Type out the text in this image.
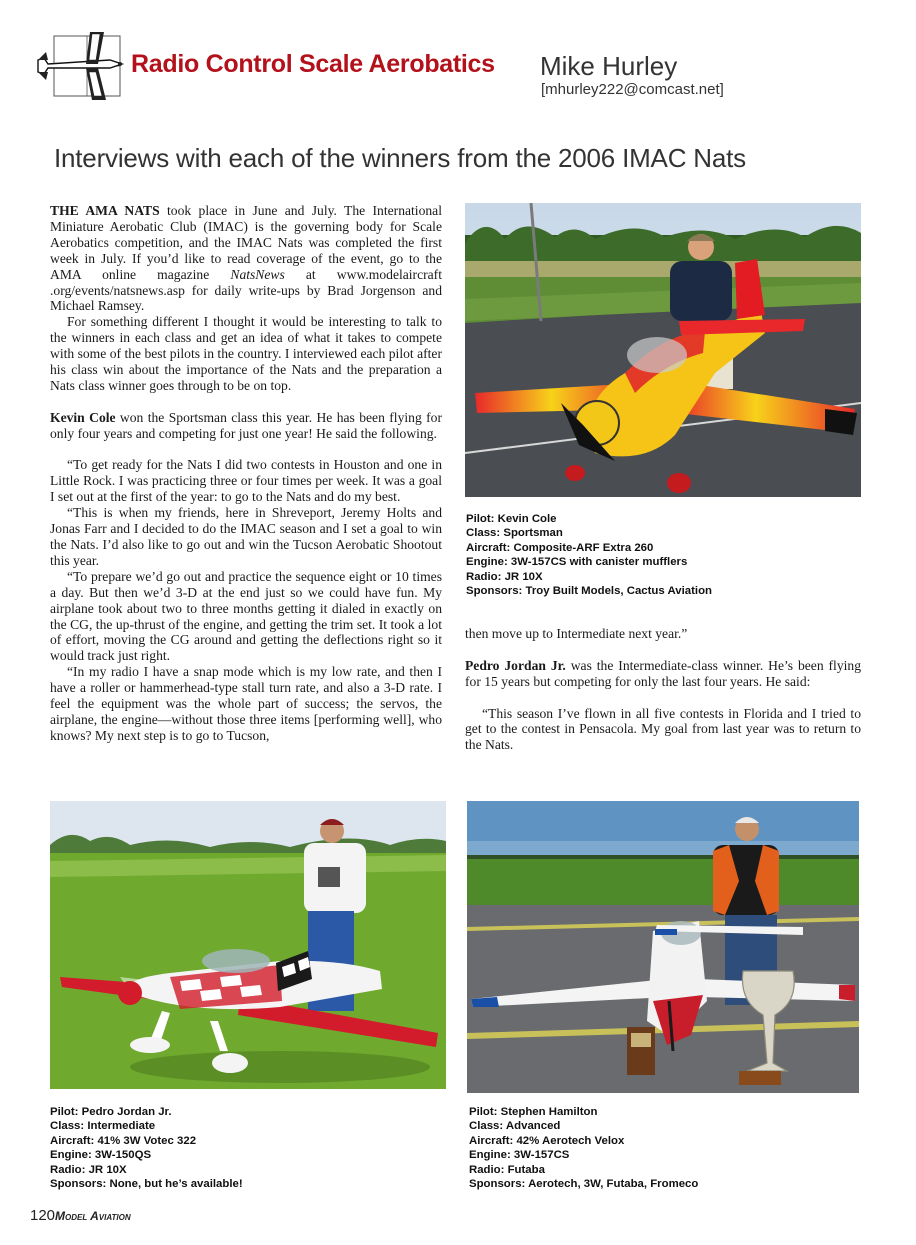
Radio Control Scale Aerobatics Mike Hurley
[mhurley222@comcast.net]
Interviews with each of the winners from the 2006 IMAC Nats

THE AMA NATS took place in June and July. The International Miniature Aerobatic Club (IMAC) is the governing body for Scale Aerobatics competition, and the IMAC Nats was completed the first week in July. If you’d like to read coverage of the event, go to the AMA online magazine NatsNews at www.modelaircraft .org/events/natsnews.asp for daily write-ups by Brad Jorgenson and Michael Ramsey.

For something different I thought it would be interesting to talk to the winners in each class and get an idea of what it takes to compete with some of the best pilots in the country. I interviewed each pilot after his class win about the importance of the Nats and the preparation a Nats class winner goes through to be on top.

Kevin Cole won the Sportsman class this year. He has been flying for only four years and competing for just one year! He said the following.

“To get ready for the Nats I did two contests in Houston and one in Little Rock. I was practicing three or four times per week. It was a goal I set out at the first of the year: to go to the Nats and do my best.

“This is when my friends, here in Shreveport, Jeremy Holts and Jonas Farr and I decided to do the IMAC season and I set a goal to win the Nats. I’d also like to go out and win the Tucson Aerobatic Shootout this year.

“To prepare we’d go out and practice the sequence eight or 10 times a day. But then we’d 3-D at the end just so we could have fun. My airplane took about two to three months getting it dialed in exactly on the CG, the up-thrust of the engine, and getting the trim set. It took a lot of effort, moving the CG around and getting the deflections right so it would track just right.

“In my radio I have a snap mode which is my low rate, and then I have a roller or hammerhead-type stall turn rate, and also a 3-D rate. I feel the equipment was the whole part of success; the servos, the airplane, the engine—without those three items [performing well], who knows? My next step is to go to Tucson,

Pilot: Kevin Cole
Class: Sportsman
Aircraft: Composite-ARF Extra 260
Engine: 3W-157CS with canister mufflers
Radio: JR 10X
Sponsors: Troy Built Models, Cactus Aviation

then move up to Intermediate next year.”

Pedro Jordan Jr. was the Intermediate-class winner. He’s been flying for 15 years but competing for only the last four years. He said:

“This season I’ve flown in all five contests in Florida and I tried to get to the contest in Pensacola. My goal from last year was to return to the Nats.

Pilot: Pedro Jordan Jr.
Class: Intermediate
Aircraft: 41% 3W Votec 322
Engine: 3W-150QS
Radio: JR 10X
Sponsors: None, but he’s available!
Pilot: Stephen Hamilton
Class: Advanced
Aircraft: 42% Aerotech Velox
Engine: 3W-157CS
Radio: Futaba
Sponsors: Aerotech, 3W, Futaba, Fromeco
120 Model Aviation
